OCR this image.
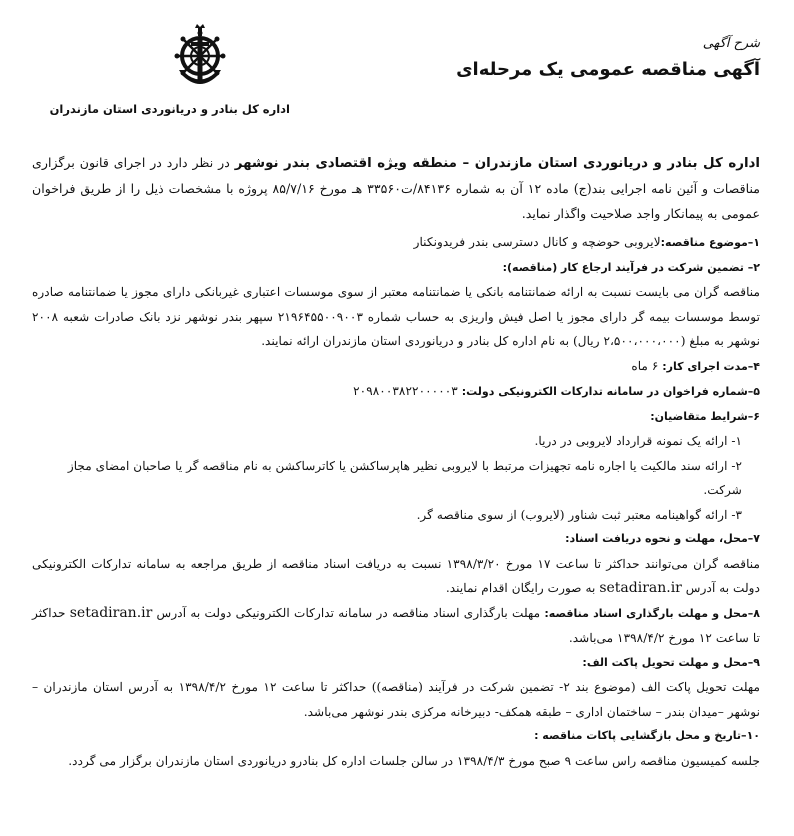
اداره کل بنادر و دریانوردی استان مازندران
شرح آگهی
آگهی مناقصه عمومی یک مرحله‌ای
اداره کل بنادر و دریانوردی استان مازندران – منطقه ویژه اقتصادی بندر نوشهر در نظر دارد در اجرای قانون برگزاری مناقصات و آئین نامه اجرایی بند(ج) ماده ۱۲ آن به شماره ۸۴۱۳۶/ت۳۳۵۶۰ هـ مورخ ۸۵/۷/۱۶ پروژه با مشخصات ذیل را از طریق فراخوان عمومی به پیمانکار واجد صلاحیت واگذار نماید.
۱–موضوع مناقصه:لایروبی حوضچه و کانال دسترسی بندر فریدونکنار
۲– تضمین شرکت در فرآیند ارجاع کار (مناقصه):
مناقصه گران می بایست نسبت به ارائه ضمانتنامه بانکی یا ضمانتنامه معتبر از سوی موسسات اعتباری غیربانکی دارای مجوز یا ضمانتنامه صادره توسط موسسات بیمه گر دارای مجوز یا اصل فیش واریزی به حساب شماره ۲۱۹۶۴۵۵۰۰۹۰۰۳ سپهر بندر نوشهر نزد بانک صادرات شعبه ۲۰۰۸ نوشهر به مبلغ (۲،۵۰۰،۰۰۰،۰۰۰ ریال) به نام اداره کل بنادر و دریانوردی استان مازندران ارائه نمایند.
۴–مدت اجرای کار: ۶ ماه
۵–شماره فراخوان در سامانه تدارکات الکترونیکی دولت: ۲۰۹۸۰۰۳۸۲۲۰۰۰۰۰۳
۶–شرایط متقاضیان:
۱- ارائه یک نمونه قرارداد لایروبی در دریا.
۲- ارائه سند مالکیت یا اجاره نامه تجهیزات مرتبط با لایروبی نظیر هاپرساکشن یا کاترساکشن به نام مناقصه گر یا صاحبان امضای مجاز شرکت.
۳- ارائه گواهینامه معتبر ثبت شناور (لایروب) از سوی مناقصه گر.
۷–محل، مهلت و نحوه دریافت اسناد:
مناقصه گران می‌توانند حداکثر تا ساعت ۱۷ مورخ ۱۳۹۸/۳/۲۰ نسبت به دریافت اسناد مناقصه از طریق مراجعه به سامانه تدارکات الکترونیکی دولت به آدرس setadiran.ir به صورت رایگان اقدام نمایند.
۸–محل و مهلت بارگذاری اسناد مناقصه: مهلت بارگذاری اسناد مناقصه در سامانه تدارکات الکترونیکی دولت به آدرس setadiran.ir حداکثر تا ساعت ۱۲ مورخ ۱۳۹۸/۴/۲ می‌باشد.
۹–محل و مهلت تحویل پاکت الف:
مهلت تحویل پاکت الف (موضوع بند ۲- تضمین شرکت در فرآیند (مناقصه)) حداکثر تا ساعت ۱۲ مورخ ۱۳۹۸/۴/۲ به آدرس استان مازندران – نوشهر –میدان بندر – ساختمان اداری – طبقه همکف- دبیرخانه مرکزی بندر نوشهر می‌باشد.
۱۰–تاریخ و محل بازگشایی پاکات مناقصه :
جلسه کمیسیون مناقصه راس ساعت ۹ صبح مورخ ۱۳۹۸/۴/۳ در سالن جلسات اداره کل بنادرو دریانوردی استان مازندران برگزار می گردد.
